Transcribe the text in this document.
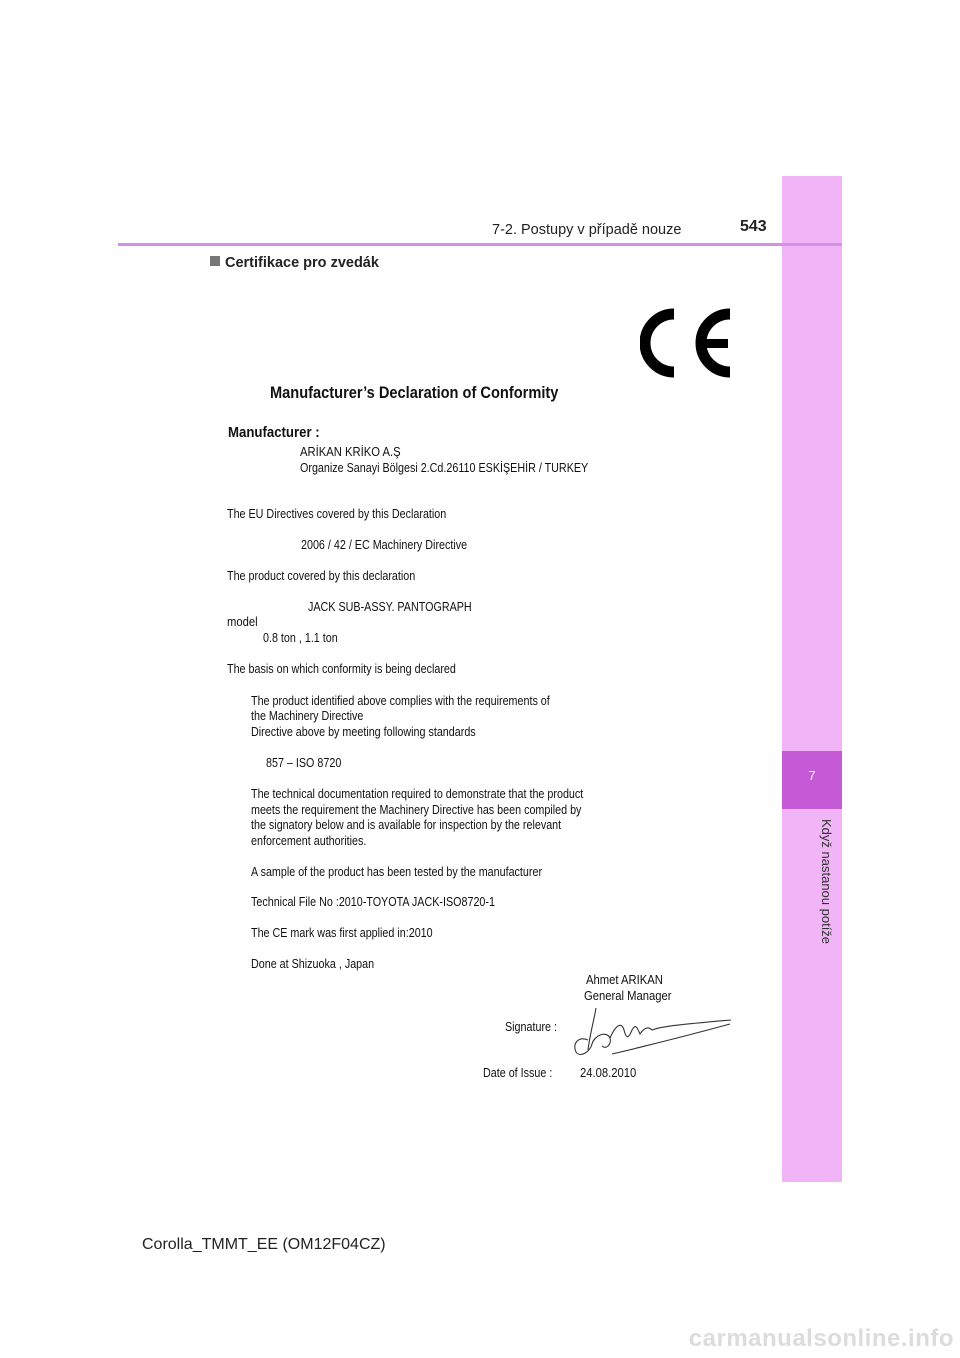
7
Když nastanou potíže
7-2. Postupy v případě nouze	543
Certifikace pro zvedák
Manufacturer’s Declaration of Conformity
Manufacturer :
ARİKAN KRİKO A.Ş
Organize Sanayi Bölgesi 2.Cd.26110 ESKİŞEHİR / TURKEY
The EU Directives covered by this Declaration
2006 / 42 / EC Machinery Directive
The product covered by this declaration
JACK SUB-ASSY. PANTOGRAPH
model
0.8 ton , 1.1 ton
The basis on which conformity is being declared
The product identified above complies with the requirements of
the Machinery Directive
Directive above by meeting following standards
857 – ISO 8720
The technical documentation required to demonstrate that the product
meets the requirement the Machinery Directive has been compiled by
the signatory below and is available for inspection by the relevant
enforcement authorities.
A sample of the product has been tested by the manufacturer
Technical File No :2010-TOYOTA JACK-ISO8720-1
The CE mark was first applied in:2010
Done at Shizuoka , Japan
Ahmet ARIKAN
General Manager
Signature :
Date of Issue : 24.08.2010
Corolla_TMMT_EE (OM12F04CZ)
carmanualsonline.info
